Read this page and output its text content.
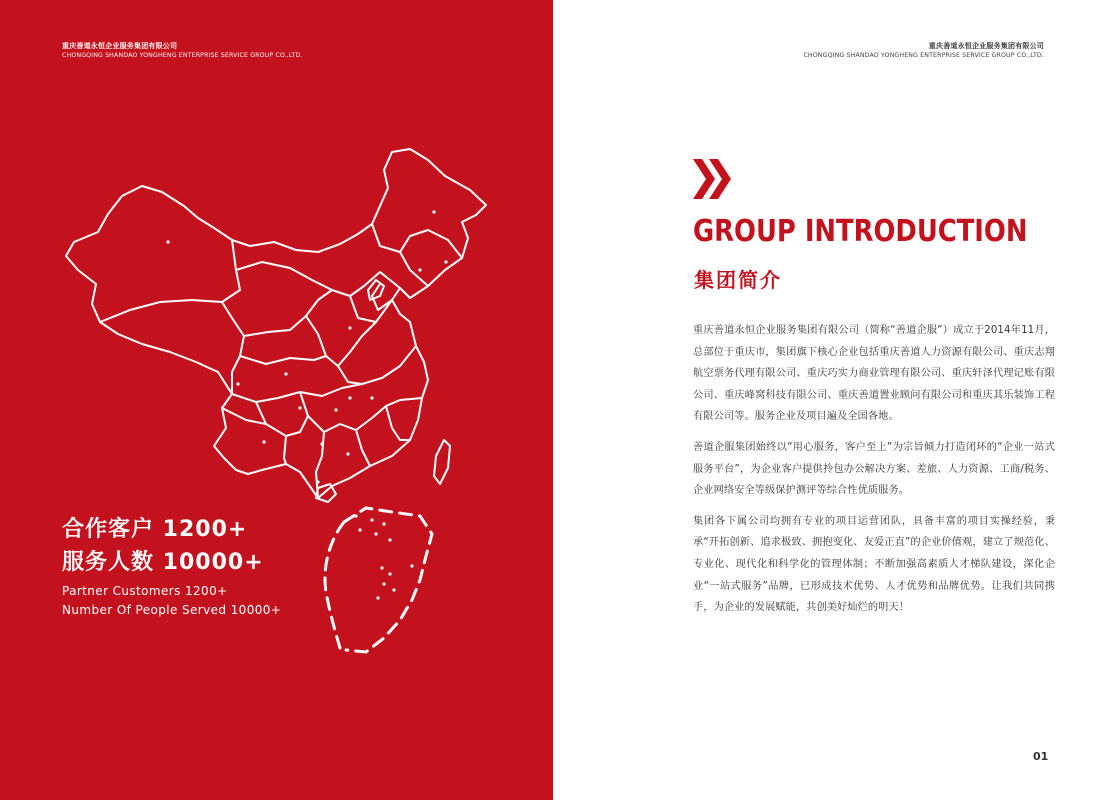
重庆善道永恒企业服务集团有限公司
CHONGQING SHANDAO YONGHENG ENTERPRISE SERVICE GROUP CO.,LTD.
合作客户 1200+
服务人数 10000+
Partner Customers 1200+
Number Of People Served 10000+
重庆善道永恒企业服务集团有限公司
CHONGQING SHANDAO YONGHENG ENTERPRISE SERVICE GROUP CO.,LTD.
GROUP INTRODUCTION
集团简介

重庆善道永恒企业服务集团有限公司（简称“善道企服”）成立于2014年11月，总部位于重庆市，集团旗下核心企业包括重庆善道人力资源有限公司、重庆志翔航空票务代理有限公司、重庆巧实力商业管理有限公司、重庆轩泽代理记账有限公司、重庆峰窝科技有限公司、重庆善道置业顾问有限公司和重庆其乐装饰工程有限公司等。服务企业及项目遍及全国各地。

善道企服集团始终以“用心服务，客户至上”为宗旨倾力打造闭环的“企业一站式服务平台”，为企业客户提供拎包办公解决方案、差旅、人力资源、工商/税务、企业网络安全等级保护测评等综合性优质服务。

集团各下属公司均拥有专业的项目运营团队，具备丰富的项目实操经验，秉承“开拓创新、追求极致、拥抱变化、友爱正直”的企业价值观，建立了规范化、专业化、现代化和科学化的管理体制；不断加强高素质人才梯队建设，深化企业“一站式服务”品牌，已形成技术优势、人才优势和品牌优势。让我们共同携手，为企业的发展赋能，共创美好灿烂的明天！

01
